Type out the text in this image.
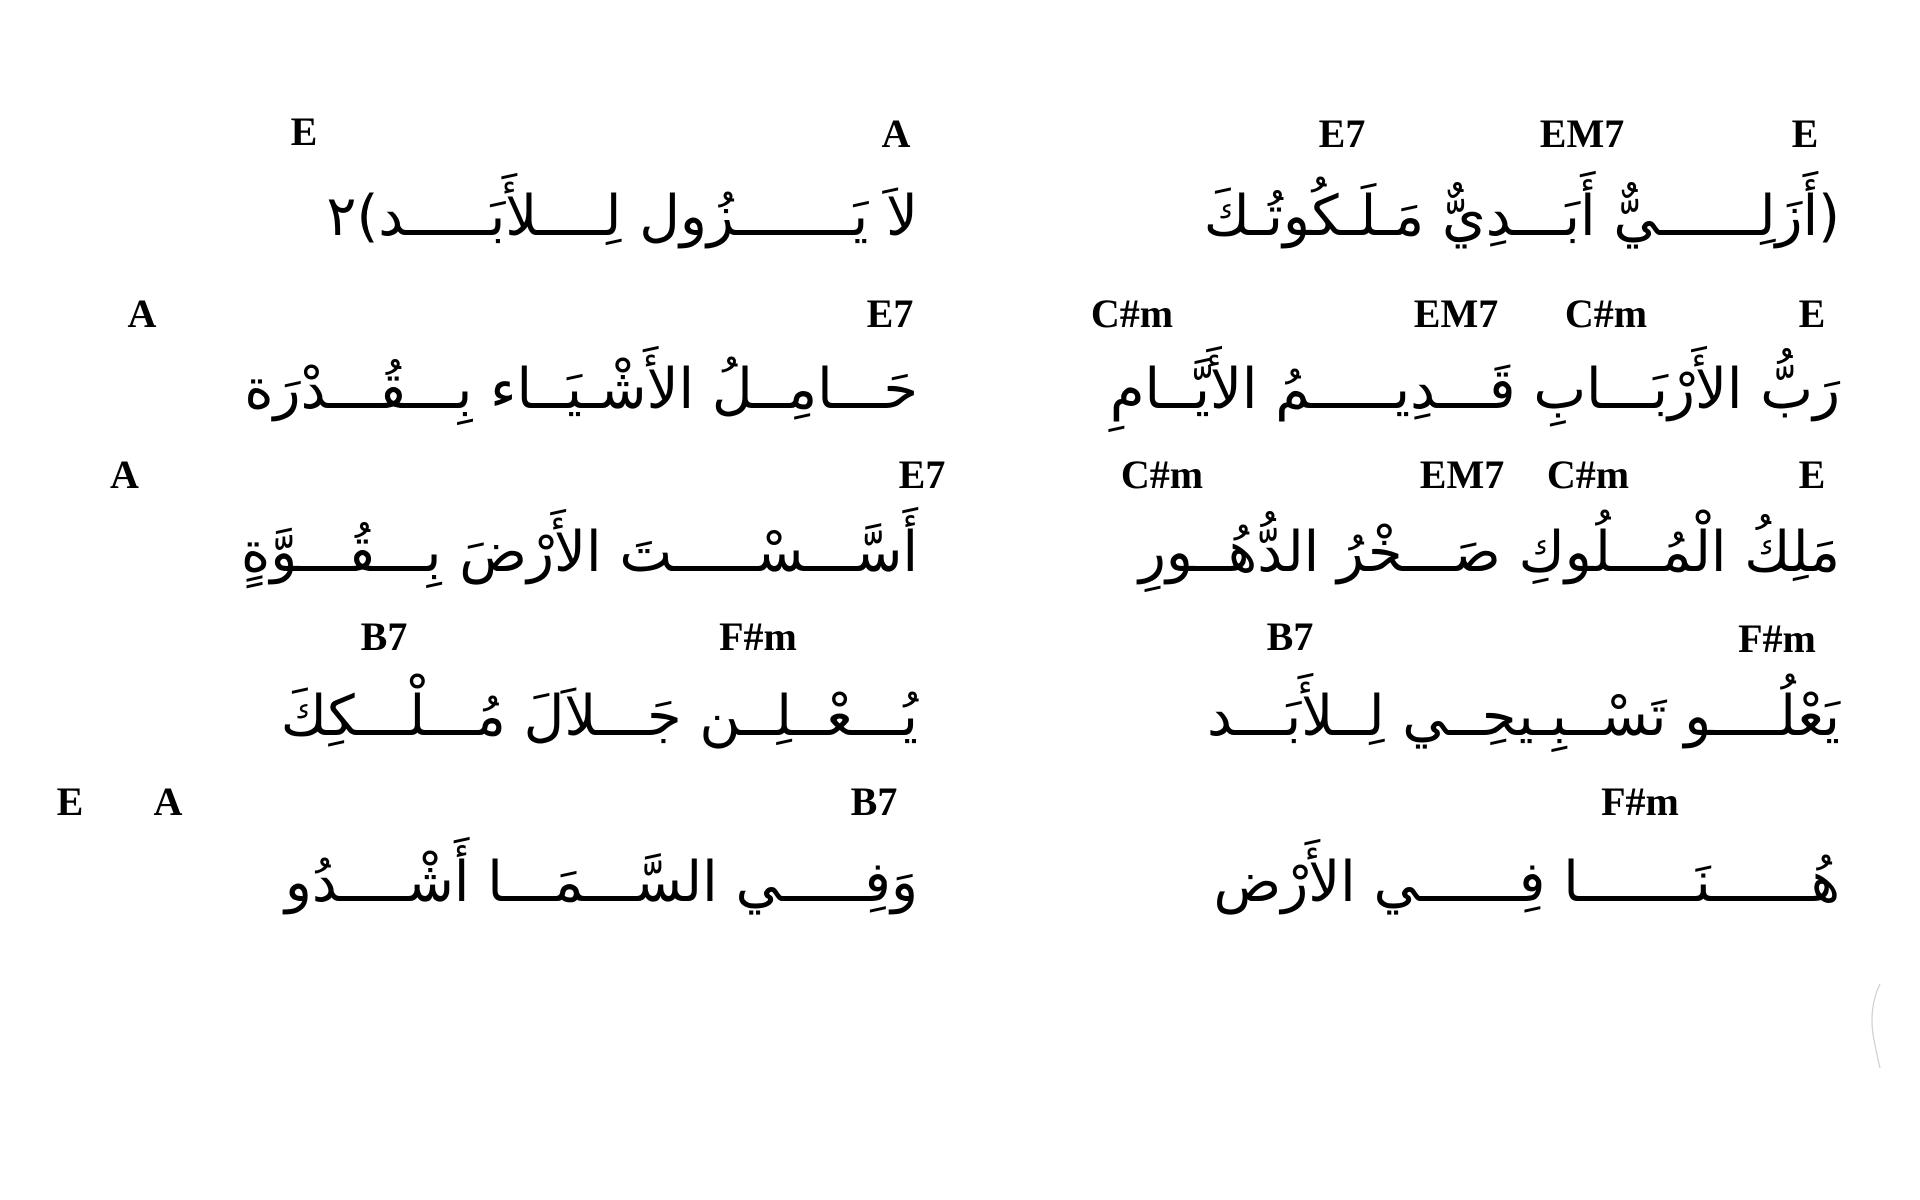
E7	EM7	E
E	A
(أَزَلِــــــيٌّ أَبَـــدِيٌّ مَـلَـكُوتُـكَ
لاَ يَـــــــزُول لِــــلأَبَـــــد)٢
C#m	EM7 C#m	E
A	E7
رَبُّ الأَرْبَـــابِ قَـــدِيـــــمُ الأَيَّــامِ
حَـــامِــلُ الأَشْـيَــاء بِـــقُـــدْرَة
C#m	EM7 C#m	E
Aً	E7
مَلِكُ الْمُـــلُوكِ صَـــخْرُ الدُّهُــورِ
أَسَّـــسْـــــتَ الأَرْضَ بِـــقُـــوَّةٍ
B7	F#m
B7	F#m
يَعْلُــــو تَسْــبِـيحِــي لِــلأَبَـــد
يُـــعْــلِــن جَـــلاَلَ مُـــلْـــكِكَ
F#m
E A	B7
هُــــــنَـــــــا فِــــــي الأَرْض
وَفِـــــي السَّـــمَـــا أَشْــــدُو
